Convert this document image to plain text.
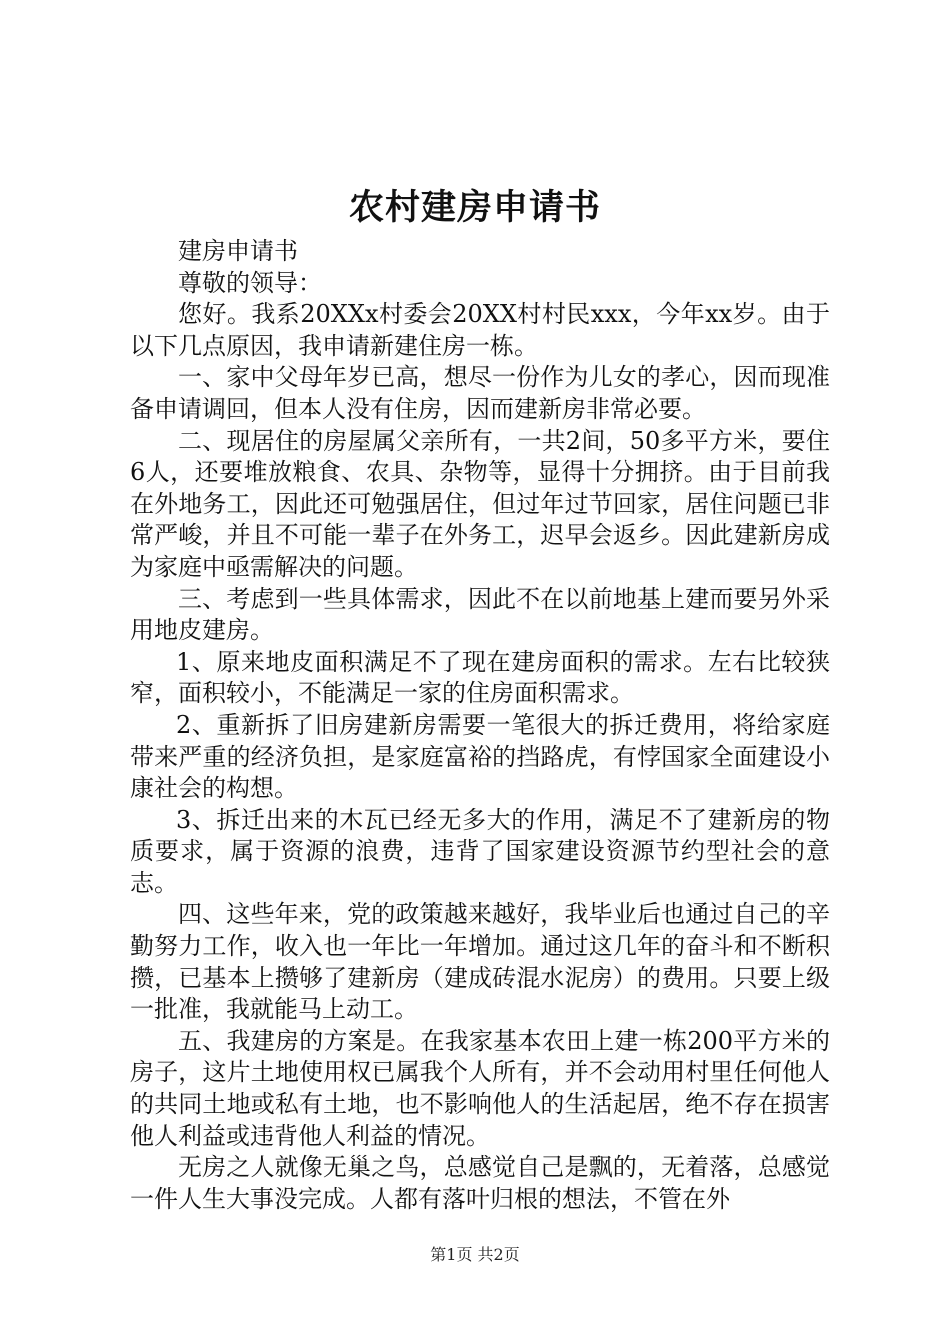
农村建房申请书

建房申请书

尊敬的领导：

您好。我系20XXx村委会20XX村村民xxx，今年xx岁。由于以下几点原因，我申请新建住房一栋。

一、家中父母年岁已高，想尽一份作为儿女的孝心，因而现准备申请调回，但本人没有住房，因而建新房非常必要。

二、现居住的房屋属父亲所有，一共2间，50多平方米，要住6人，还要堆放粮食、农具、杂物等，显得十分拥挤。由于目前我在外地务工，因此还可勉强居住，但过年过节回家，居住问题已非常严峻，并且不可能一辈子在外务工，迟早会返乡。因此建新房成为家庭中亟需解决的问题。

三、考虑到一些具体需求，因此不在以前地基上建而要另外采用地皮建房。

1、原来地皮面积满足不了现在建房面积的需求。左右比较狭窄，面积较小，不能满足一家的住房面积需求。

2、重新拆了旧房建新房需要一笔很大的拆迁费用，将给家庭带来严重的经济负担，是家庭富裕的挡路虎，有悖国家全面建设小康社会的构想。

3、拆迁出来的木瓦已经无多大的作用，满足不了建新房的物质要求，属于资源的浪费，违背了国家建设资源节约型社会的意志。

四、这些年来，党的政策越来越好，我毕业后也通过自己的辛勤努力工作，收入也一年比一年增加。通过这几年的奋斗和不断积攒，已基本上攒够了建新房（建成砖混水泥房）的费用。只要上级一批准，我就能马上动工。

五、我建房的方案是。在我家基本农田上建一栋200平方米的房子，这片土地使用权已属我个人所有，并不会动用村里任何他人的共同土地或私有土地，也不影响他人的生活起居，绝不存在损害他人利益或违背他人利益的情况。

无房之人就像无巢之鸟，总感觉自己是飘的，无着落，总感觉一件人生大事没完成。人都有落叶归根的想法，不管在外

第1页 共2页
